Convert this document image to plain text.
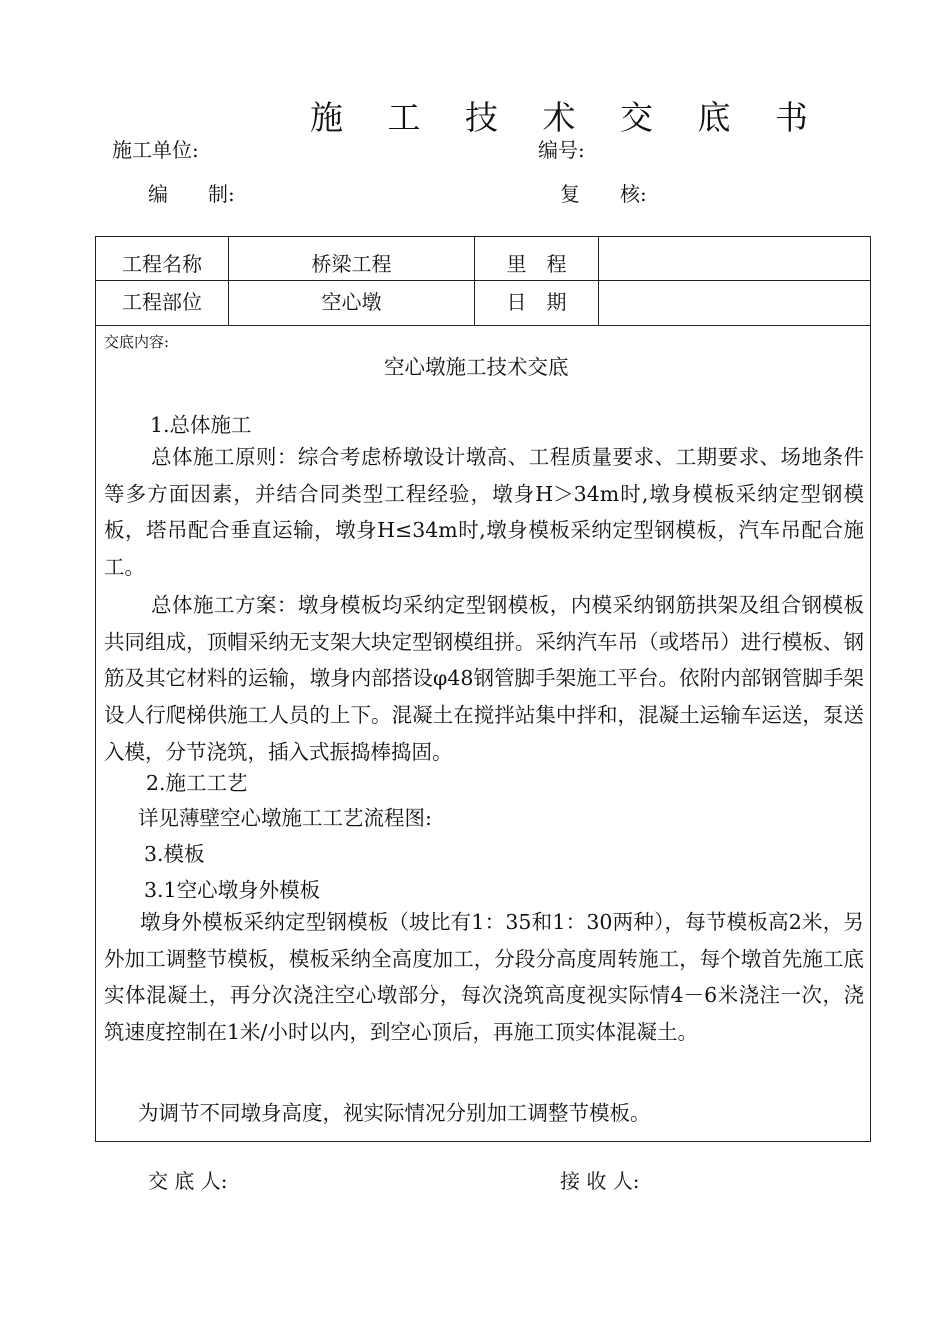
施 工 技 术 交 底 书
施工单位:	编号:
编　　制:	复　　核:
工程名称	桥梁工程	里　程
工程部位	空心墩	日　期
交底内容:
空心墩施工技术交底
1.总体施工
总体施工原则：综合考虑桥墩设计墩高、工程质量要求、工期要求、场地条件等多方面因素，并结合同类型工程经验，墩身H＞34m时,墩身模板采纳定型钢模板，塔吊配合垂直运输，墩身H≤34m时,墩身模板采纳定型钢模板，汽车吊配合施工。
总体施工方案：墩身模板均采纳定型钢模板，内模采纳钢筋拱架及组合钢模板共同组成，顶帽采纳无支架大块定型钢模组拼。采纳汽车吊（或塔吊）进行模板、钢筋及其它材料的运输，墩身内部搭设φ48钢管脚手架施工平台。依附内部钢管脚手架设人行爬梯供施工人员的上下。混凝土在搅拌站集中拌和，混凝土运输车运送，泵送入模，分节浇筑，插入式振捣棒捣固。
2.施工工艺
详见薄壁空心墩施工工艺流程图:
3.模板
3.1空心墩身外模板
墩身外模板采纳定型钢模板（坡比有1：35和1：30两种），每节模板高2米，另外加工调整节模板，模板采纳全高度加工，分段分高度周转施工，每个墩首先施工底实体混凝土，再分次浇注空心墩部分，每次浇筑高度视实际情4－6米浇注一次，浇筑速度控制在1米/小时以内，到空心顶后，再施工顶实体混凝土。
为调节不同墩身高度，视实际情况分别加工调整节模板。
交 底 人:	接 收 人:
